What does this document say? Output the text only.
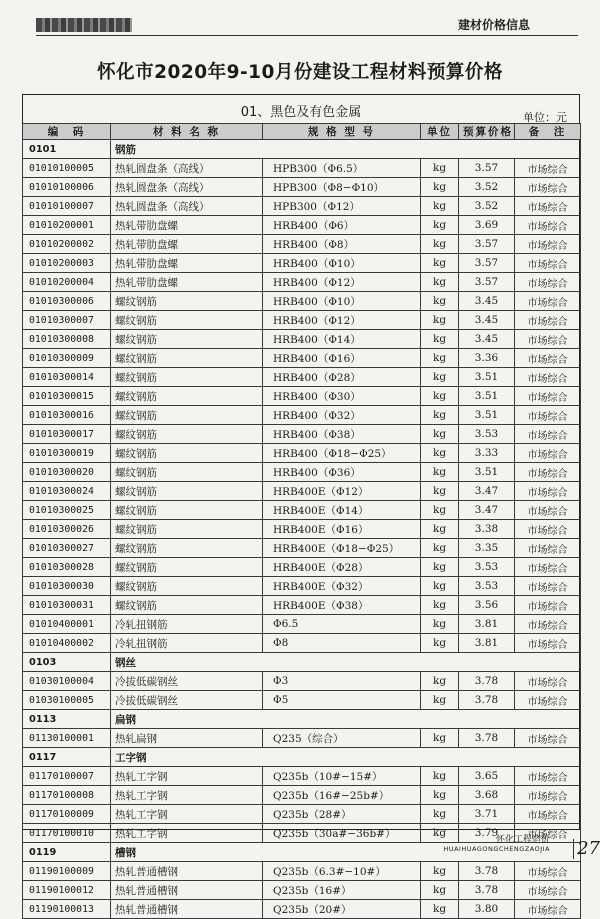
建材价格信息
怀化市2020年9-10月份建设工程材料预算价格
01、黑色及有色金属	单位：元
编　码	材 料 名 称	规 格 型 号	单位	预算价格	备　注
0101	钢筋				
01010100005	热轧圆盘条（高线）	HPB300（Φ6.5）	kg	3.57	市场综合
01010100006	热轧圆盘条（高线）	HPB300（Φ8−Φ10）	kg	3.52	市场综合
01010100007	热轧圆盘条（高线）	HPB300（Φ12）	kg	3.52	市场综合
01010200001	热轧带肋盘螺	HRB400（Φ6）	kg	3.69	市场综合
01010200002	热轧带肋盘螺	HRB400（Φ8）	kg	3.57	市场综合
01010200003	热轧带肋盘螺	HRB400（Φ10）	kg	3.57	市场综合
01010200004	热轧带肋盘螺	HRB400（Φ12）	kg	3.57	市场综合
01010300006	螺纹钢筋	HRB400（Φ10）	kg	3.45	市场综合
01010300007	螺纹钢筋	HRB400（Φ12）	kg	3.45	市场综合
01010300008	螺纹钢筋	HRB400（Φ14）	kg	3.45	市场综合
01010300009	螺纹钢筋	HRB400（Φ16）	kg	3.36	市场综合
01010300014	螺纹钢筋	HRB400（Φ28）	kg	3.51	市场综合
01010300015	螺纹钢筋	HRB400（Φ30）	kg	3.51	市场综合
01010300016	螺纹钢筋	HRB400（Φ32）	kg	3.51	市场综合
01010300017	螺纹钢筋	HRB400（Φ38）	kg	3.53	市场综合
01010300019	螺纹钢筋	HRB400（Φ18−Φ25）	kg	3.33	市场综合
01010300020	螺纹钢筋	HRB400（Φ36）	kg	3.51	市场综合
01010300024	螺纹钢筋	HRB400E（Φ12）	kg	3.47	市场综合
01010300025	螺纹钢筋	HRB400E（Φ14）	kg	3.47	市场综合
01010300026	螺纹钢筋	HRB400E（Φ16）	kg	3.38	市场综合
01010300027	螺纹钢筋	HRB400E（Φ18−Φ25）	kg	3.35	市场综合
01010300028	螺纹钢筋	HRB400E（Φ28）	kg	3.53	市场综合
01010300030	螺纹钢筋	HRB400E（Φ32）	kg	3.53	市场综合
01010300031	螺纹钢筋	HRB400E（Φ38）	kg	3.56	市场综合
01010400001	冷轧扭钢筋	Φ6.5	kg	3.81	市场综合
01010400002	冷轧扭钢筋	Φ8	kg	3.81	市场综合
0103	钢丝				
01030100004	冷拔低碳钢丝	Φ3	kg	3.78	市场综合
01030100005	冷拔低碳钢丝	Φ5	kg	3.78	市场综合
0113	扁钢				
01130100001	热轧扁钢	Q235（综合）	kg	3.78	市场综合
0117	工字钢				
01170100007	热轧工字钢	Q235b（10#−15#）	kg	3.65	市场综合
01170100008	热轧工字钢	Q235b（16#−25b#）	kg	3.68	市场综合
01170100009	热轧工字钢	Q235b（28#）	kg	3.71	市场综合
01170100010	热轧工字钢	Q235b（30a#−36b#）	kg	3.79	市场综合
0119	槽钢				
01190100009	热轧普通槽钢	Q235b（6.3#−10#）	kg	3.78	市场综合
01190100012	热轧普通槽钢	Q235b（16#）	kg	3.78	市场综合
01190100013	热轧普通槽钢	Q235b（20#）	kg	3.80	市场综合
怀化工程造价
HUAIHUAGONGCHENGZAOJIA 27
